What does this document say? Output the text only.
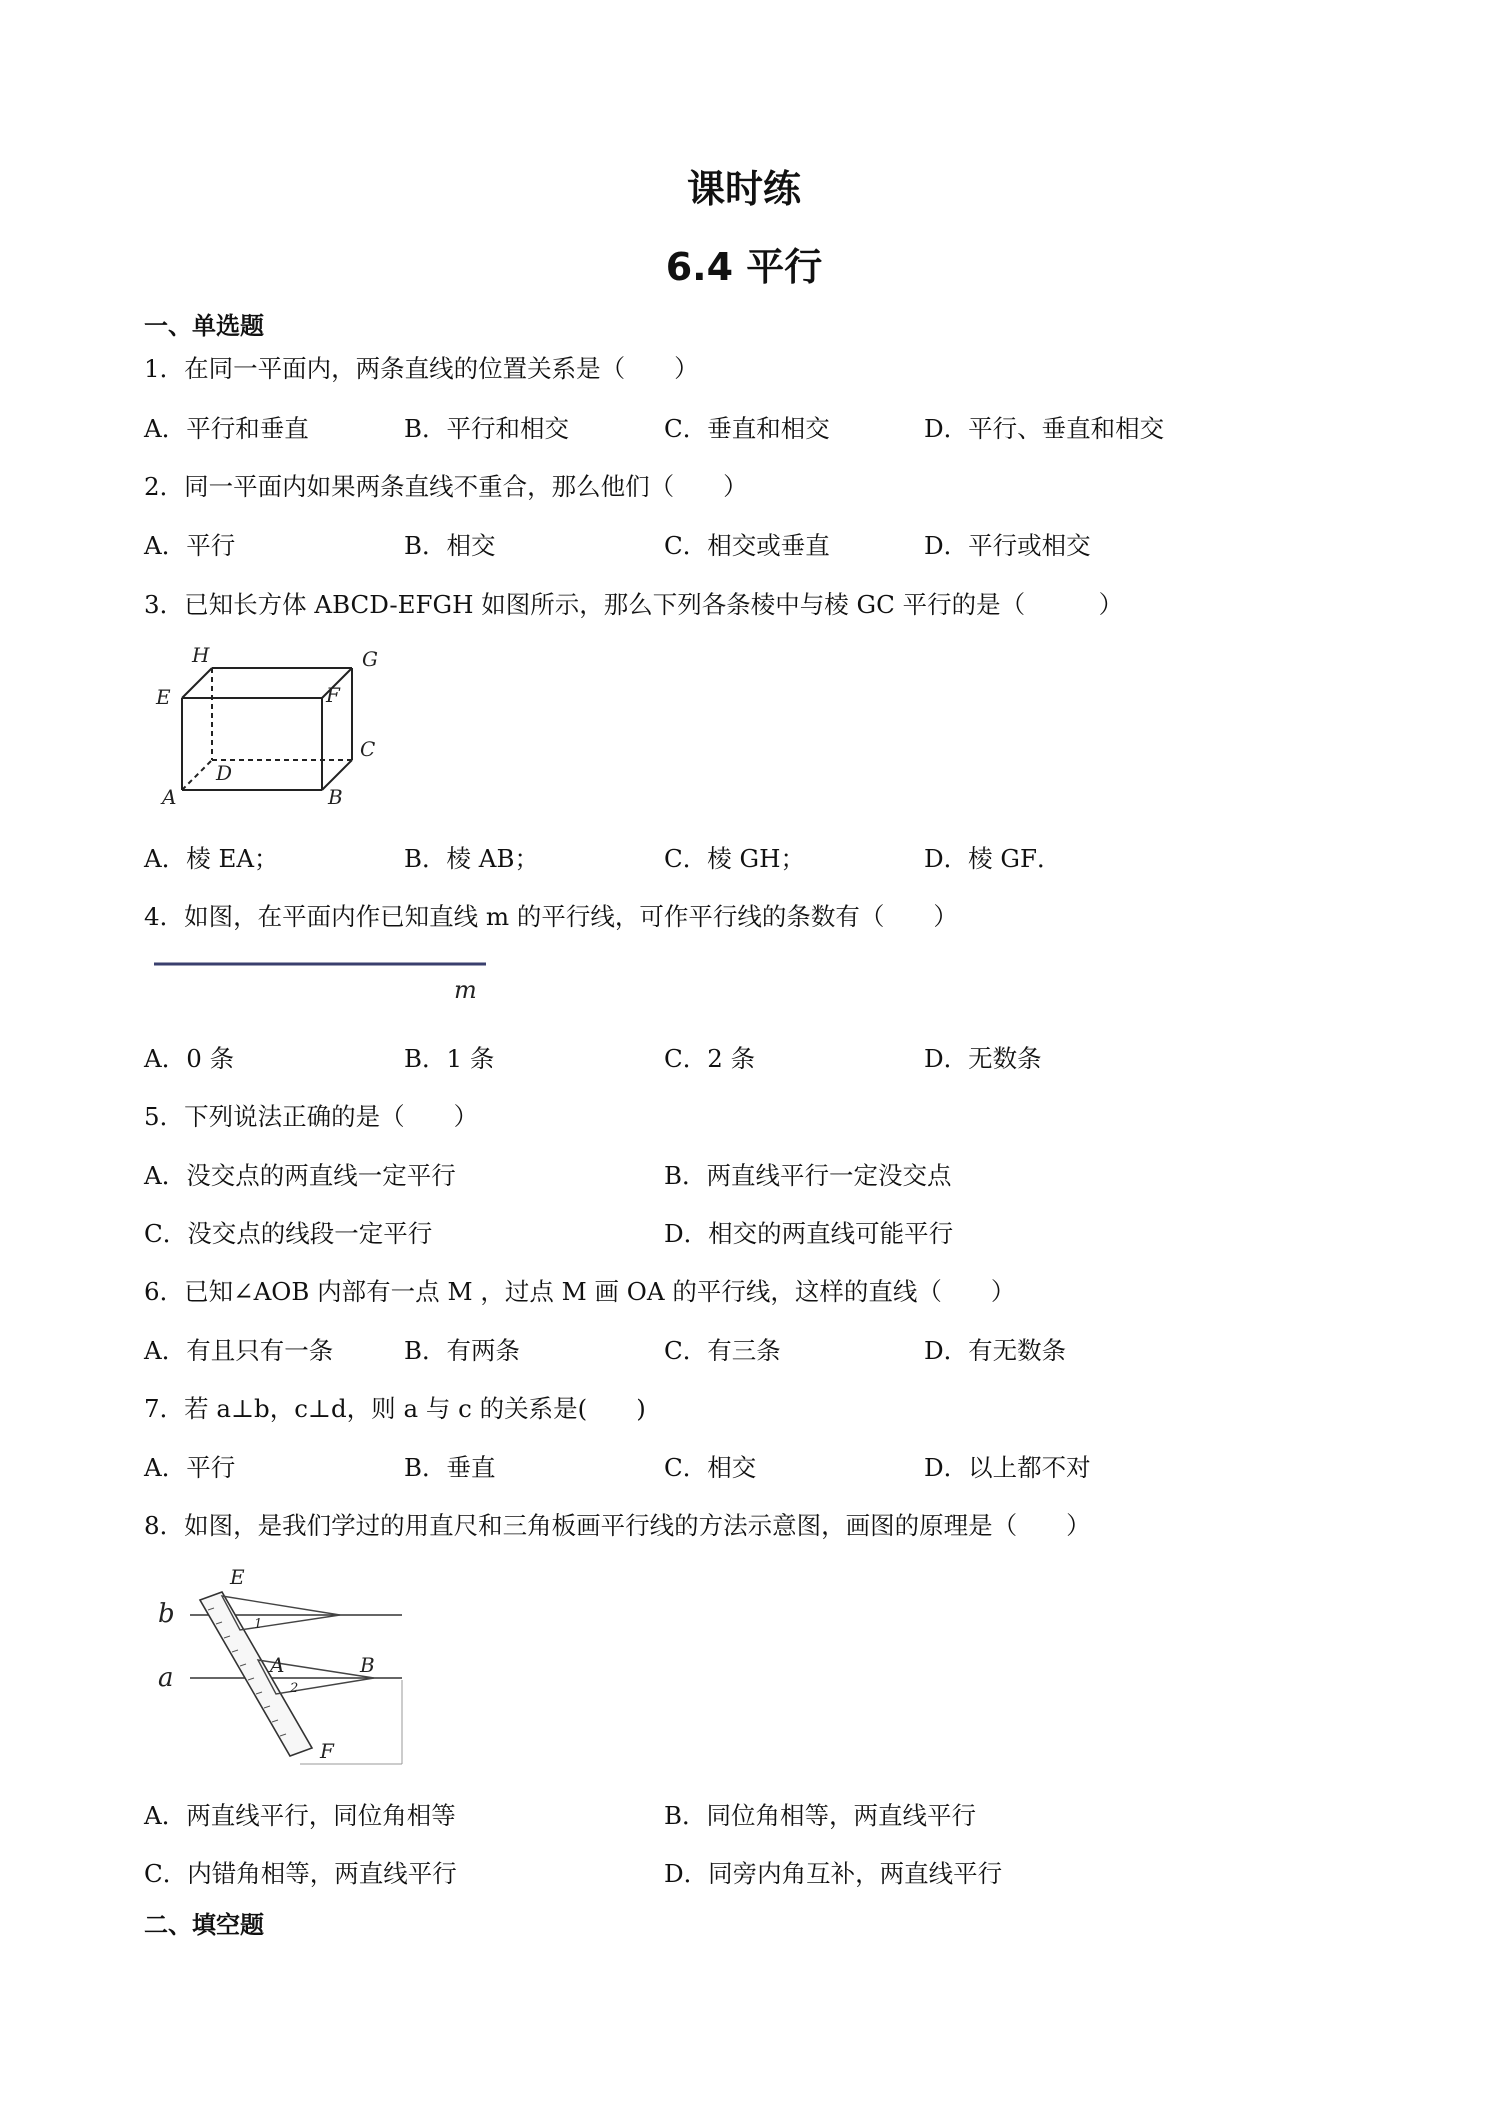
课时练
6.4 平行
一、单选题
1．在同一平面内，两条直线的位置关系是（　　）
A．平行和垂直	B．平行和相交	C．垂直和相交	D．平行、垂直和相交
2．同一平面内如果两条直线不重合，那么他们（　　）
A．平行	B．相交	C．相交或垂直	D．平行或相交
3．已知长方体 ABCD-EFGH 如图所示，那么下列各条棱中与棱 GC 平行的是（　　　）
H	G
E	F
C
D
A	B
A．棱 EA；	B．棱 AB；	C．棱 GH；	D．棱 GF．
4．如图，在平面内作已知直线 m 的平行线，可作平行线的条数有（　　）
m
A．0 条	B．1 条	C．2 条	D．无数条
5．下列说法正确的是（　　）
A．没交点的两直线一定平行	B．两直线平行一定没交点
C．没交点的线段一定平行	D．相交的两直线可能平行
6．已知∠AOB 内部有一点 M ，过点 M 画 OA 的平行线，这样的直线（　　）
A．有且只有一条	B．有两条	C．有三条	D．有无数条
7．若 a⊥b，c⊥d，则 a 与 c 的关系是(　　)
A．平行	B．垂直	C．相交	D．以上都不对
8．如图，是我们学过的用直尺和三角板画平行线的方法示意图，画图的原理是（　　）
E
b
a	A	B
F
1
2
A．两直线平行，同位角相等	B．同位角相等，两直线平行
C．内错角相等，两直线平行	D．同旁内角互补，两直线平行
二、填空题
